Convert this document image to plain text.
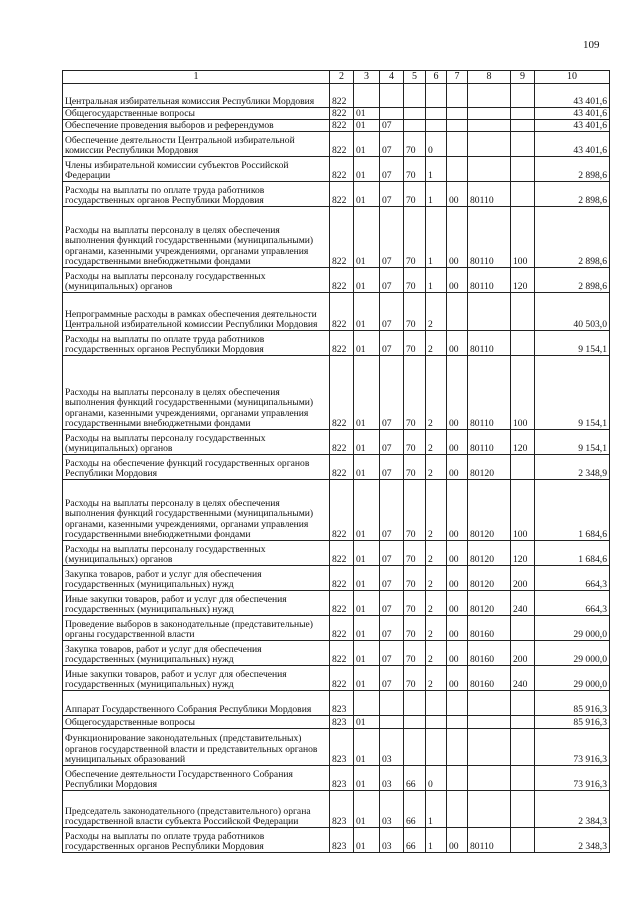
109
1	2	3	4	5	6	7	8	9	10
Центральная избирательная комиссия Республики Мордовия	822								43 401,6
Общегосударственные вопросы	822	01							43 401,6
Обеспечение проведения выборов и референдумов	822	01	07						43 401,6
Обеспечение деятельности Центральной избирательной комиссии Республики Мордовия	822	01	07	70	0				43 401,6
Члены избирательной комиссии субъектов Российской Федерации	822	01	07	70	1				2 898,6
Расходы на выплаты по оплате труда работников государственных органов Республики Мордовия	822	01	07	70	1	00	80110		2 898,6
Расходы на выплаты персоналу в целях обеспечения выполнения функций государственными (муниципальными) органами, казенными учреждениями, органами управления государственными внебюджетными фондами	822	01	07	70	1	00	80110	100	2 898,6
Расходы на выплаты персоналу государственных (муниципальных) органов	822	01	07	70	1	00	80110	120	2 898,6
Непрограммные расходы в рамках обеспечения деятельности Центральной избирательной комиссии Республики Мордовия	822	01	07	70	2				40 503,0
Расходы на выплаты по оплате труда работников государственных органов Республики Мордовия	822	01	07	70	2	00	80110		9 154,1
Расходы на выплаты персоналу в целях обеспечения выполнения функций государственными (муниципальными) органами, казенными учреждениями, органами управления государственными внебюджетными фондами	822	01	07	70	2	00	80110	100	9 154,1
Расходы на выплаты персоналу государственных (муниципальных) органов	822	01	07	70	2	00	80110	120	9 154,1
Расходы на обеспечение функций государственных органов Республики Мордовия	822	01	07	70	2	00	80120		2 348,9
Расходы на выплаты персоналу в целях обеспечения выполнения функций государственными (муниципальными) органами, казенными учреждениями, органами управления государственными внебюджетными фондами	822	01	07	70	2	00	80120	100	1 684,6
Расходы на выплаты персоналу государственных (муниципальных) органов	822	01	07	70	2	00	80120	120	1 684,6
Закупка товаров, работ и услуг для обеспечения государственных (муниципальных) нужд	822	01	07	70	2	00	80120	200	664,3
Иные закупки товаров, работ и услуг для обеспечения государственных (муниципальных) нужд	822	01	07	70	2	00	80120	240	664,3
Проведение выборов в законодательные (представительные) органы государственной власти	822	01	07	70	2	00	80160		29 000,0
Закупка товаров, работ и услуг для обеспечения государственных (муниципальных) нужд	822	01	07	70	2	00	80160	200	29 000,0
Иные закупки товаров, работ и услуг для обеспечения государственных (муниципальных) нужд	822	01	07	70	2	00	80160	240	29 000,0
Аппарат Государственного Собрания Республики Мордовия	823								85 916,3
Общегосударственные вопросы	823	01							85 916,3
Функционирование законодательных (представительных) органов государственной власти и представительных органов муниципальных образований	823	01	03						73 916,3
Обеспечение деятельности Государственного Собрания Республики Мордовия	823	01	03	66	0				73 916,3
Председатель законодательного (представительного) органа государственной власти субъекта Российской Федерации	823	01	03	66	1				2 384,3
Расходы на выплаты по оплате труда работников государственных органов Республики Мордовия	823	01	03	66	1	00	80110		2 348,3
